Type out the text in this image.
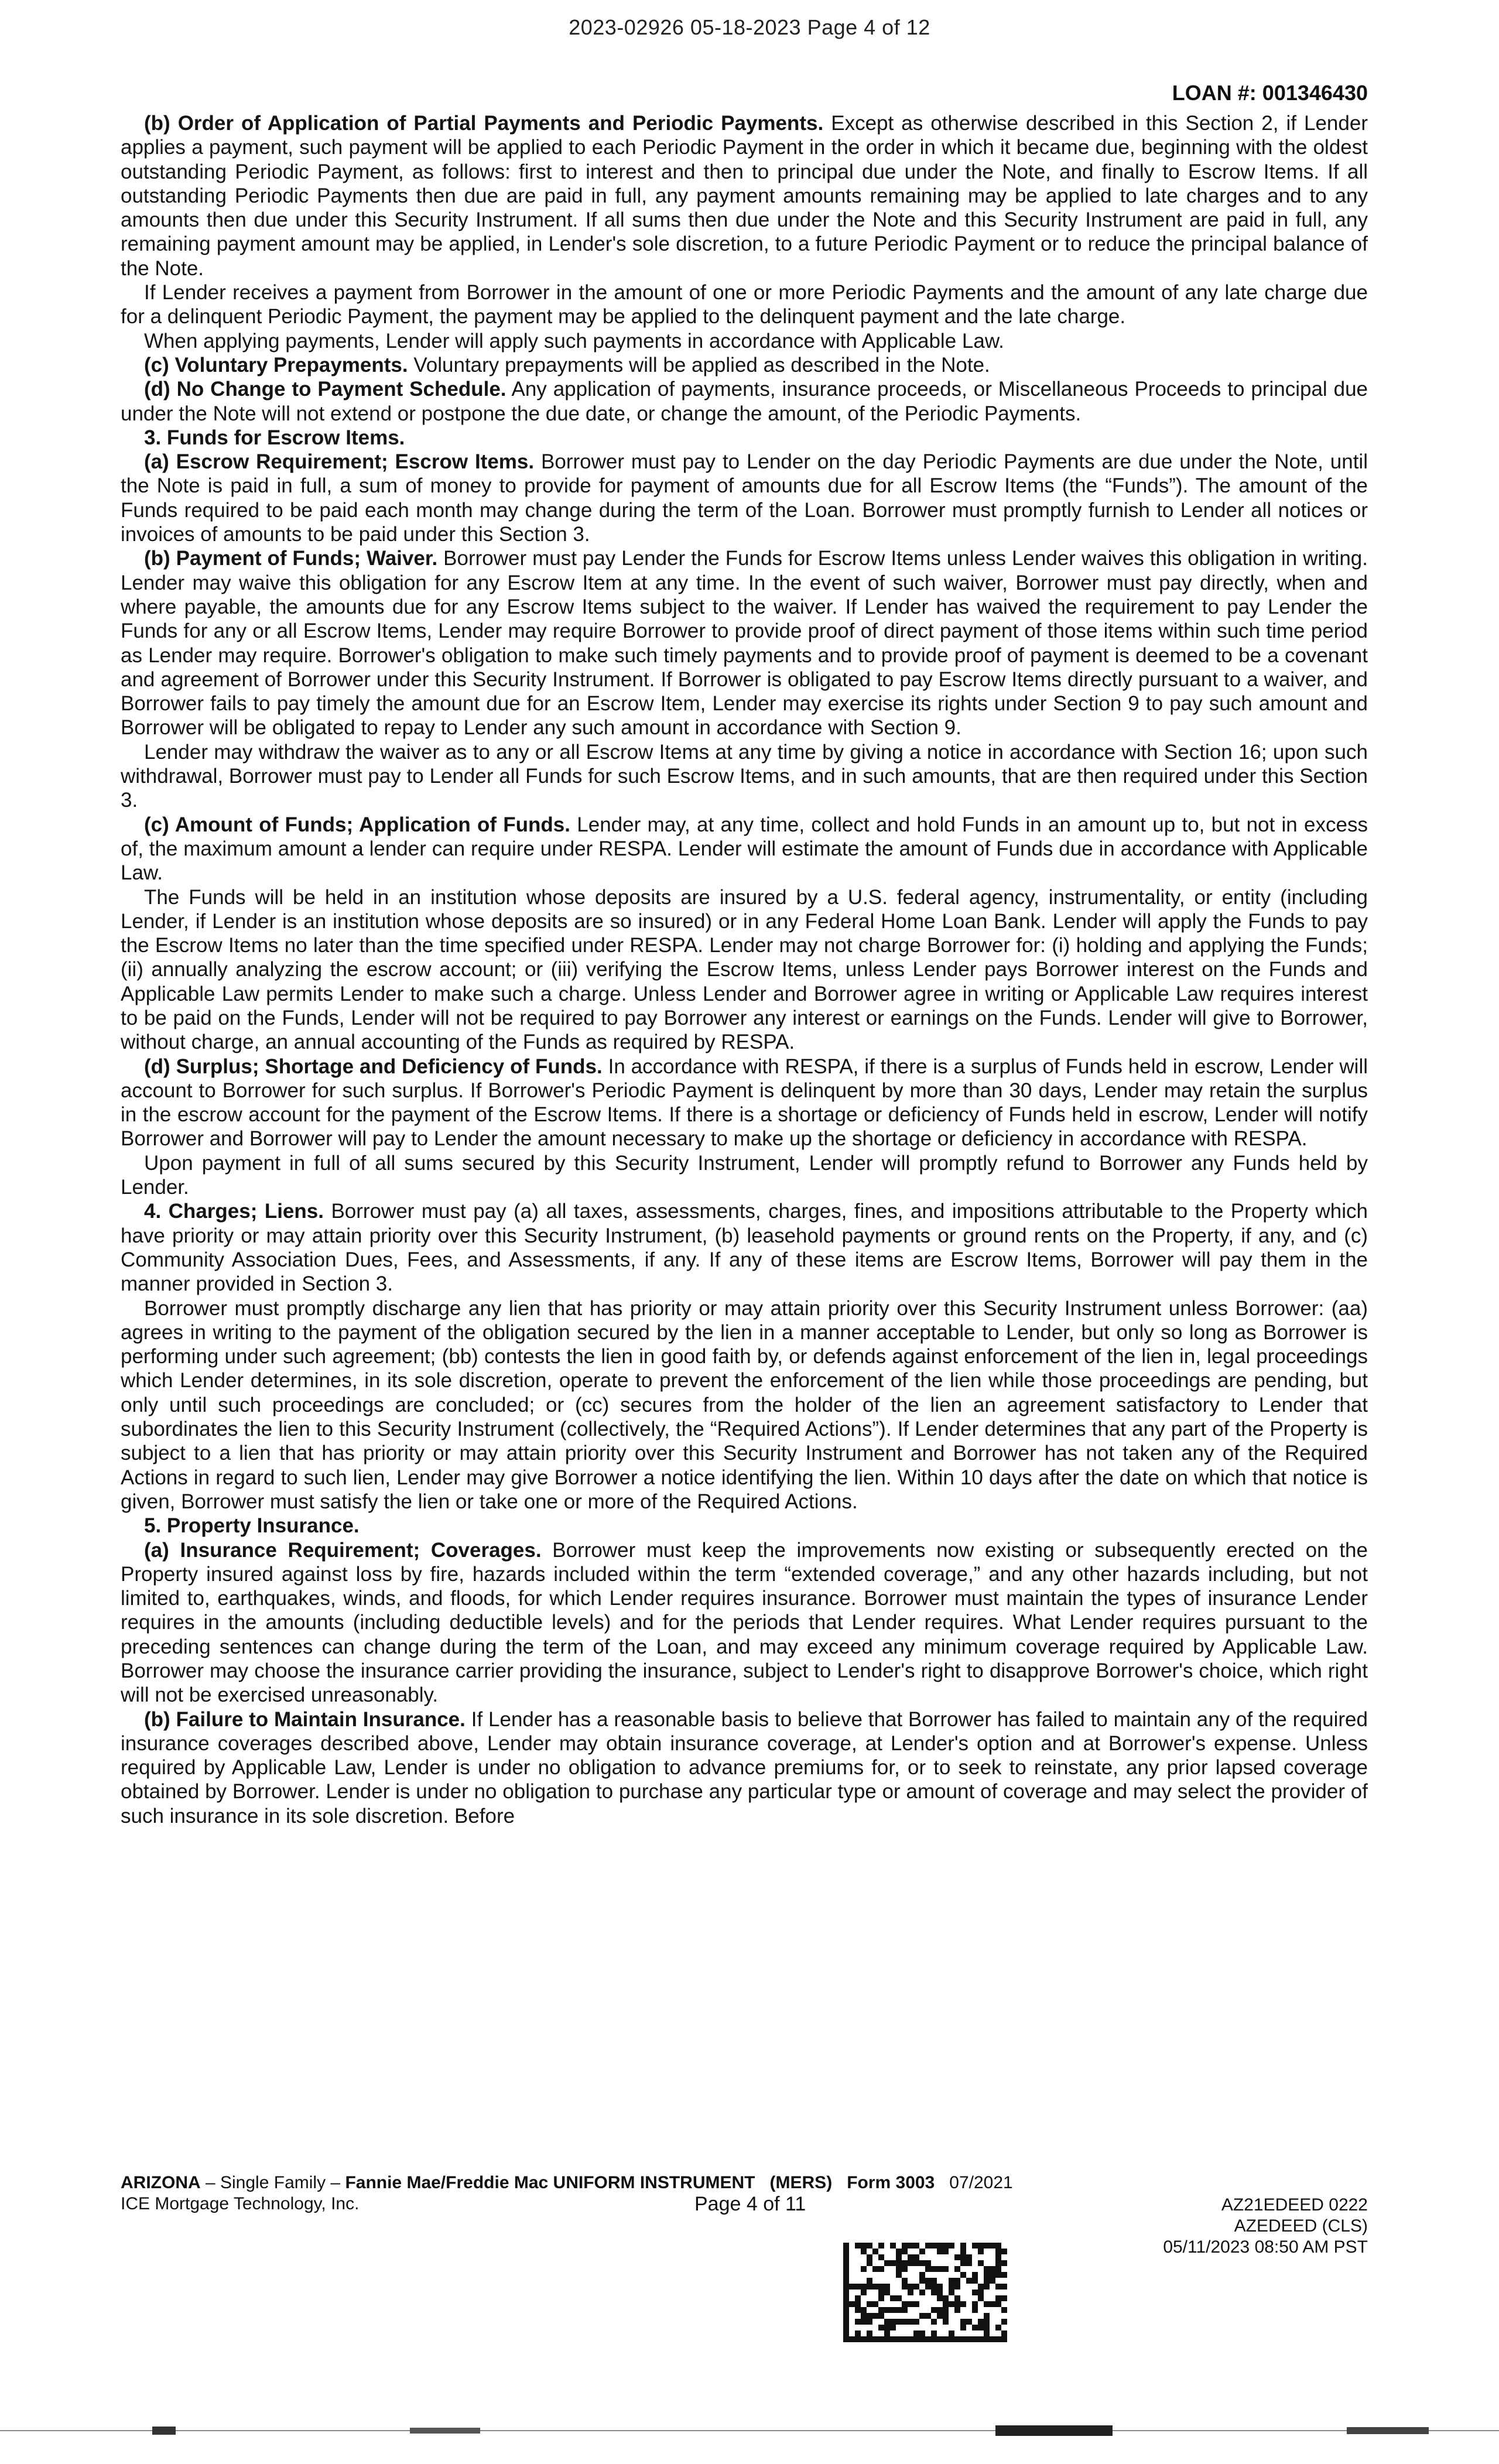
2023-02926 05-18-2023 Page 4 of 12
LOAN #: 001346430

(b) Order of Application of Partial Payments and Periodic Payments. Except as otherwise described in this Section 2, if Lender applies a payment, such payment will be applied to each Periodic Payment in the order in which it became due, beginning with the oldest outstanding Periodic Payment, as follows: first to interest and then to principal due under the Note, and finally to Escrow Items. If all outstanding Periodic Payments then due are paid in full, any payment amounts remaining may be applied to late charges and to any amounts then due under this Security Instrument. If all sums then due under the Note and this Security Instrument are paid in full, any remaining payment amount may be applied, in Lender's sole discretion, to a future Periodic Payment or to reduce the principal balance of the Note.

If Lender receives a payment from Borrower in the amount of one or more Periodic Payments and the amount of any late charge due for a delinquent Periodic Payment, the payment may be applied to the delinquent payment and the late charge.

When applying payments, Lender will apply such payments in accordance with Applicable Law.

(c) Voluntary Prepayments. Voluntary prepayments will be applied as described in the Note.

(d) No Change to Payment Schedule. Any application of payments, insurance proceeds, or Miscellaneous Proceeds to principal due under the Note will not extend or postpone the due date, or change the amount, of the Periodic Payments.

3. Funds for Escrow Items.

(a) Escrow Requirement; Escrow Items. Borrower must pay to Lender on the day Periodic Payments are due under the Note, until the Note is paid in full, a sum of money to provide for payment of amounts due for all Escrow Items (the “Funds”). The amount of the Funds required to be paid each month may change during the term of the Loan. Borrower must promptly furnish to Lender all notices or invoices of amounts to be paid under this Section 3.

(b) Payment of Funds; Waiver. Borrower must pay Lender the Funds for Escrow Items unless Lender waives this obligation in writing. Lender may waive this obligation for any Escrow Item at any time. In the event of such waiver, Borrower must pay directly, when and where payable, the amounts due for any Escrow Items subject to the waiver. If Lender has waived the requirement to pay Lender the Funds for any or all Escrow Items, Lender may require Borrower to provide proof of direct payment of those items within such time period as Lender may require. Borrower's obligation to make such timely payments and to provide proof of payment is deemed to be a covenant and agreement of Borrower under this Security Instrument. If Borrower is obligated to pay Escrow Items directly pursuant to a waiver, and Borrower fails to pay timely the amount due for an Escrow Item, Lender may exercise its rights under Section 9 to pay such amount and Borrower will be obligated to repay to Lender any such amount in accordance with Section 9.

Lender may withdraw the waiver as to any or all Escrow Items at any time by giving a notice in accordance with Section 16; upon such withdrawal, Borrower must pay to Lender all Funds for such Escrow Items, and in such amounts, that are then required under this Section 3.

(c) Amount of Funds; Application of Funds. Lender may, at any time, collect and hold Funds in an amount up to, but not in excess of, the maximum amount a lender can require under RESPA. Lender will estimate the amount of Funds due in accordance with Applicable Law.

The Funds will be held in an institution whose deposits are insured by a U.S. federal agency, instrumentality, or entity (including Lender, if Lender is an institution whose deposits are so insured) or in any Federal Home Loan Bank. Lender will apply the Funds to pay the Escrow Items no later than the time specified under RESPA. Lender may not charge Borrower for: (i) holding and applying the Funds; (ii) annually analyzing the escrow account; or (iii) verifying the Escrow Items, unless Lender pays Borrower interest on the Funds and Applicable Law permits Lender to make such a charge. Unless Lender and Borrower agree in writing or Applicable Law requires interest to be paid on the Funds, Lender will not be required to pay Borrower any interest or earnings on the Funds. Lender will give to Borrower, without charge, an annual accounting of the Funds as required by RESPA.

(d) Surplus; Shortage and Deficiency of Funds. In accordance with RESPA, if there is a surplus of Funds held in escrow, Lender will account to Borrower for such surplus. If Borrower's Periodic Payment is delinquent by more than 30 days, Lender may retain the surplus in the escrow account for the payment of the Escrow Items. If there is a shortage or deficiency of Funds held in escrow, Lender will notify Borrower and Borrower will pay to Lender the amount necessary to make up the shortage or deficiency in accordance with RESPA.

Upon payment in full of all sums secured by this Security Instrument, Lender will promptly refund to Borrower any Funds held by Lender.

4. Charges; Liens. Borrower must pay (a) all taxes, assessments, charges, fines, and impositions attributable to the Property which have priority or may attain priority over this Security Instrument, (b) leasehold payments or ground rents on the Property, if any, and (c) Community Association Dues, Fees, and Assessments, if any. If any of these items are Escrow Items, Borrower will pay them in the manner provided in Section 3.

Borrower must promptly discharge any lien that has priority or may attain priority over this Security Instrument unless Borrower: (aa) agrees in writing to the payment of the obligation secured by the lien in a manner acceptable to Lender, but only so long as Borrower is performing under such agreement; (bb) contests the lien in good faith by, or defends against enforcement of the lien in, legal proceedings which Lender determines, in its sole discretion, operate to prevent the enforcement of the lien while those proceedings are pending, but only until such proceedings are concluded; or (cc) secures from the holder of the lien an agreement satisfactory to Lender that subordinates the lien to this Security Instrument (collectively, the “Required Actions”). If Lender determines that any part of the Property is subject to a lien that has priority or may attain priority over this Security Instrument and Borrower has not taken any of the Required Actions in regard to such lien, Lender may give Borrower a notice identifying the lien. Within 10 days after the date on which that notice is given, Borrower must satisfy the lien or take one or more of the Required Actions.

5. Property Insurance.

(a) Insurance Requirement; Coverages. Borrower must keep the improvements now existing or subsequently erected on the Property insured against loss by fire, hazards included within the term “extended coverage,” and any other hazards including, but not limited to, earthquakes, winds, and floods, for which Lender requires insurance. Borrower must maintain the types of insurance Lender requires in the amounts (including deductible levels) and for the periods that Lender requires. What Lender requires pursuant to the preceding sentences can change during the term of the Loan, and may exceed any minimum coverage required by Applicable Law. Borrower may choose the insurance carrier providing the insurance, subject to Lender's right to disapprove Borrower's choice, which right will not be exercised unreasonably.

(b) Failure to Maintain Insurance. If Lender has a reasonable basis to believe that Borrower has failed to maintain any of the required insurance coverages described above, Lender may obtain insurance coverage, at Lender's option and at Borrower's expense. Unless required by Applicable Law, Lender is under no obligation to advance premiums for, or to seek to reinstate, any prior lapsed coverage obtained by Borrower. Lender is under no obligation to purchase any particular type or amount of coverage and may select the provider of such insurance in its sole discretion. Before

ARIZONA – Single Family – Fannie Mae/Freddie Mac UNIFORM INSTRUMENT (MERS) Form 3003 07/2021
ICE Mortgage Technology, Inc.	Page 4 of 11	AZ21EDEED 0222
AZEDEED (CLS)
05/11/2023 08:50 AM PST
